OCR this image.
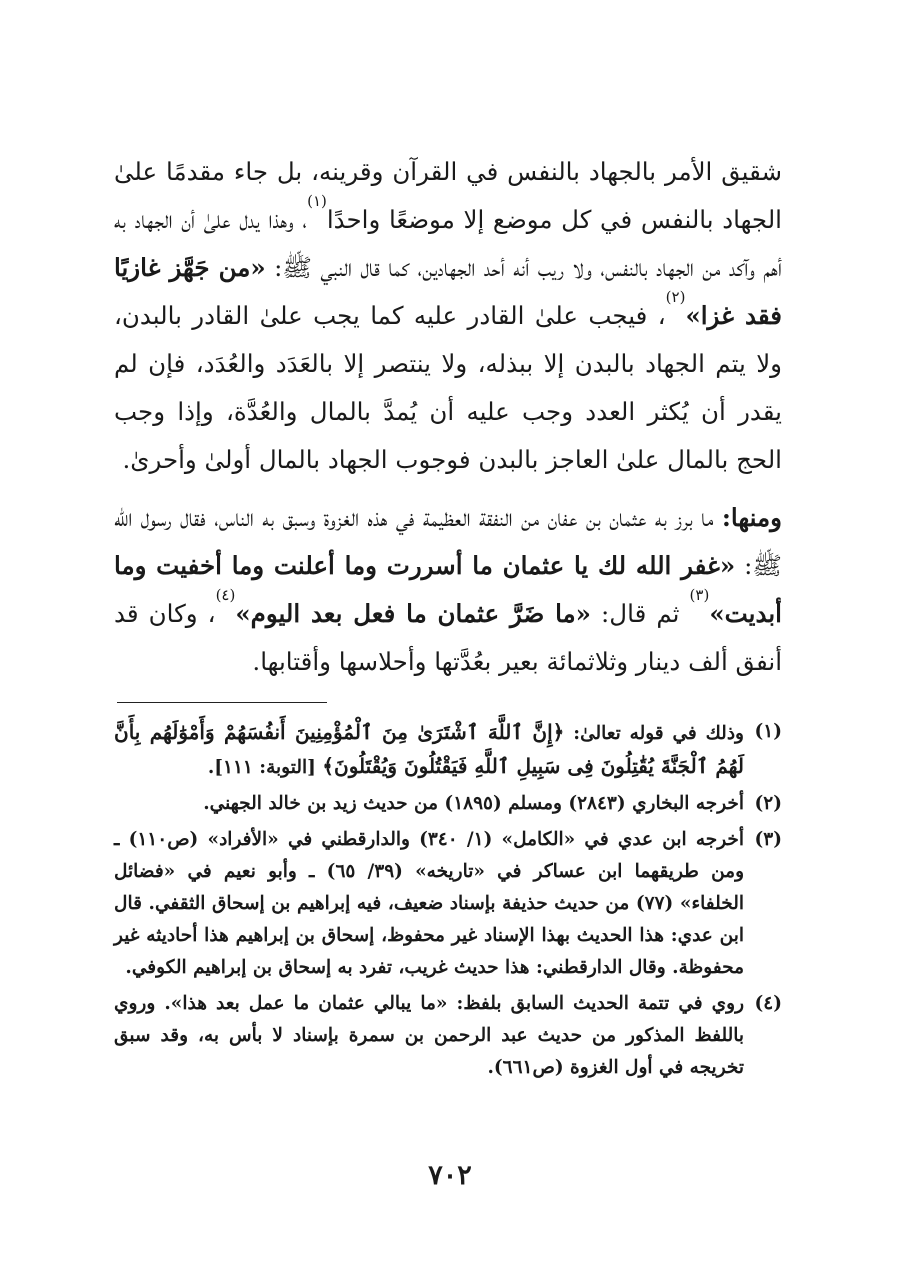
شقيق الأمر بالجهاد بالنفس في القرآن وقرينه، بل جاء مقدمًا علىٰ الجهاد بالنفس في كل موضع إلا موضعًا واحدًا$^{(١)}$، وهذا يدل علىٰ أن الجهاد به أهم وآكد من الجهاد بالنفس، ولا ريب أنه أحد الجهادين، كما قال النبي ﷺ: «من جَهَّز غازيًا فقد غزا»$^{(٢)}$، فيجب علىٰ القادر عليه كما يجب علىٰ القادر بالبدن، ولا يتم الجهاد بالبدن إلا ببذله، ولا ينتصر إلا بالعَدَد والعُدَد، فإن لم يقدر أن يُكثر العدد وجب عليه أن يُمدَّ بالمال والعُدَّة، وإذا وجب الحج بالمال علىٰ العاجز بالبدن فوجوب الجهاد بالمال أولىٰ وأحرىٰ.

ومنها: ما برز به عثمان بن عفان من النفقة العظيمة في هذه الغزوة وسبق به الناس، فقال رسول الله ﷺ: «غفر الله لك يا عثمان ما أسررت وما أعلنت وما أخفيت وما أبديت»$^{(٣)}$ ثم قال: «ما ضَرَّ عثمان ما فعل بعد اليوم»$^{(٤)}$، وكان قد أنفق ألف دينار وثلاثمائة بعير بعُدَّتها وأحلاسها وأقتابها.

(١)
وذلك في قوله تعالىٰ: ﴿إِنَّ ٱللَّهَ ٱشْتَرَىٰ مِنَ ٱلْمُؤْمِنِينَ أَنفُسَهُمْ وَأَمْوَٰلَهُم بِأَنَّ لَهُمُ ٱلْجَنَّةَ يُقَٰتِلُونَ فِى سَبِيلِ ٱللَّهِ فَيَقْتُلُونَ وَيُقْتَلُونَ﴾ [التوبة: ١١١].
(٢)
أخرجه البخاري (٢٨٤٣) ومسلم (١٨٩٥) من حديث زيد بن خالد الجهني.
(٣)
أخرجه ابن عدي في «الكامل» (١/ ٣٤٠) والدارقطني في «الأفراد» (ص١١٠) ـ ومن طريقهما ابن عساكر في «تاريخه» (٣٩/ ٦٥) ـ وأبو نعيم في «فضائل الخلفاء» (٧٧) من حديث حذيفة بإسناد ضعيف، فيه إبراهيم بن إسحاق الثقفي. قال ابن عدي: هذا الحديث بهذا الإسناد غير محفوظ، إسحاق بن إبراهيم هذا أحاديثه غير محفوظة. وقال الدارقطني: هذا حديث غريب، تفرد به إسحاق بن إبراهيم الكوفي.
(٤)
روي في تتمة الحديث السابق بلفظ: «ما يبالي عثمان ما عمل بعد هذا». وروي باللفظ المذكور من حديث عبد الرحمن بن سمرة بإسناد لا بأس به، وقد سبق تخريجه في أول الغزوة (ص٦٦١).
٧٠٢
